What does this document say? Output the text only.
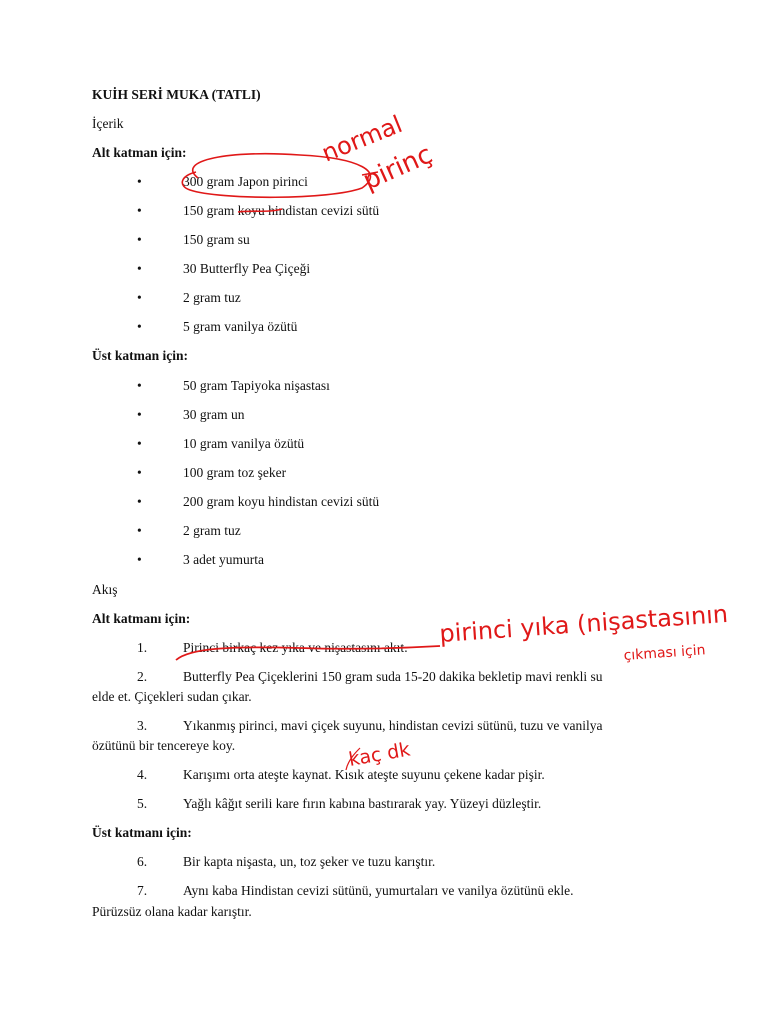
KUİH SERİ MUKA (TATLI)
İçerik
Alt katman için:
•	300 gram Japon pirinci
•	150 gram koyu hindistan cevizi sütü
•	150 gram su
•	30 Butterfly Pea Çiçeği
•	2 gram tuz
•	5 gram vanilya özütü
Üst katman için:
•	50 gram Tapiyoka nişastası
•	30 gram un
•	10 gram vanilya özütü
•	100 gram toz şeker
•	200 gram koyu hindistan cevizi sütü
•	2 gram tuz
•	3 adet yumurta
Akış
Alt katmanı için:
1.	Pirinci birkaç kez yıka ve nişastasını akıt.
2.	Butterfly Pea Çiçeklerini 150 gram suda 15-20 dakika bekletip mavi renkli su
elde et. Çiçekleri sudan çıkar.
3.	Yıkanmış pirinci, mavi çiçek suyunu, hindistan cevizi sütünü, tuzu ve vanilya
özütünü bir tencereye koy.
4.	Karışımı orta ateşte kaynat. Kısık ateşte suyunu çekene kadar pişir.
5.	Yağlı kâğıt serili kare fırın kabına bastırarak yay. Yüzeyi düzleştir.
Üst katmanı için:
6.	Bir kapta nişasta, un, toz şeker ve tuzu karıştır.
7.	Aynı kaba Hindistan cevizi sütünü, yumurtaları ve vanilya özütünü ekle.
Pürüzsüz olana kadar karıştır.
normal
pirinç
pirinci yıka (nişastasının
çıkması için
kaç dk
